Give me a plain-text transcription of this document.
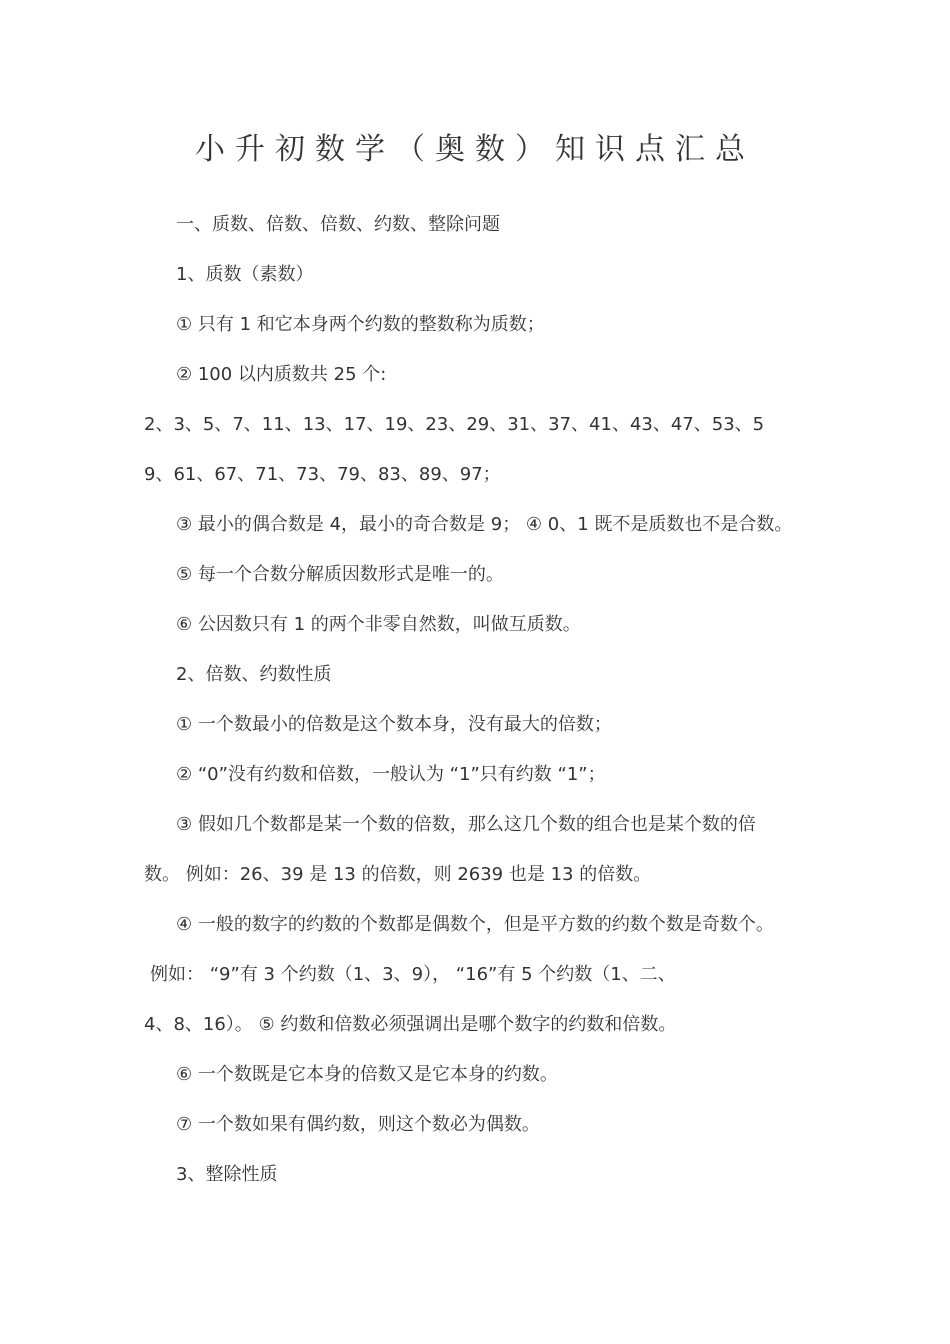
小升初数学（奥数）知识点汇总
一、质数、倍数、倍数、约数、整除问题
1、质数（素数）
① 只有 1 和它本身两个约数的整数称为质数；
② 100 以内质数共 25 个:
2、3、5、7、11、13、17、19、23、29、31、37、41、43、47、53、5
9、61、67、71、73、79、83、89、97；
③ 最小的偶合数是 4，最小的奇合数是 9； ④ 0、1 既不是质数也不是合数。
⑤ 每一个合数分解质因数形式是唯一的。
⑥ 公因数只有 1 的两个非零自然数，叫做互质数。
2、倍数、约数性质
① 一个数最小的倍数是这个数本身，没有最大的倍数；
② “0”没有约数和倍数，一般认为 “1”只有约数 “1”；
③ 假如几个数都是某一个数的倍数，那么这几个数的组合也是某个数的倍
数。 例如：26、39 是 13 的倍数，则 2639 也是 13 的倍数。
④ 一般的数字的约数的个数都是偶数个，但是平方数的约数个数是奇数个。
例如： “9”有 3 个约数（1、3、9）， “16”有 5 个约数（1、二、
4、8、16）。 ⑤ 约数和倍数必须强调出是哪个数字的约数和倍数。
⑥ 一个数既是它本身的倍数又是它本身的约数。
⑦ 一个数如果有偶约数，则这个数必为偶数。
3、整除性质
